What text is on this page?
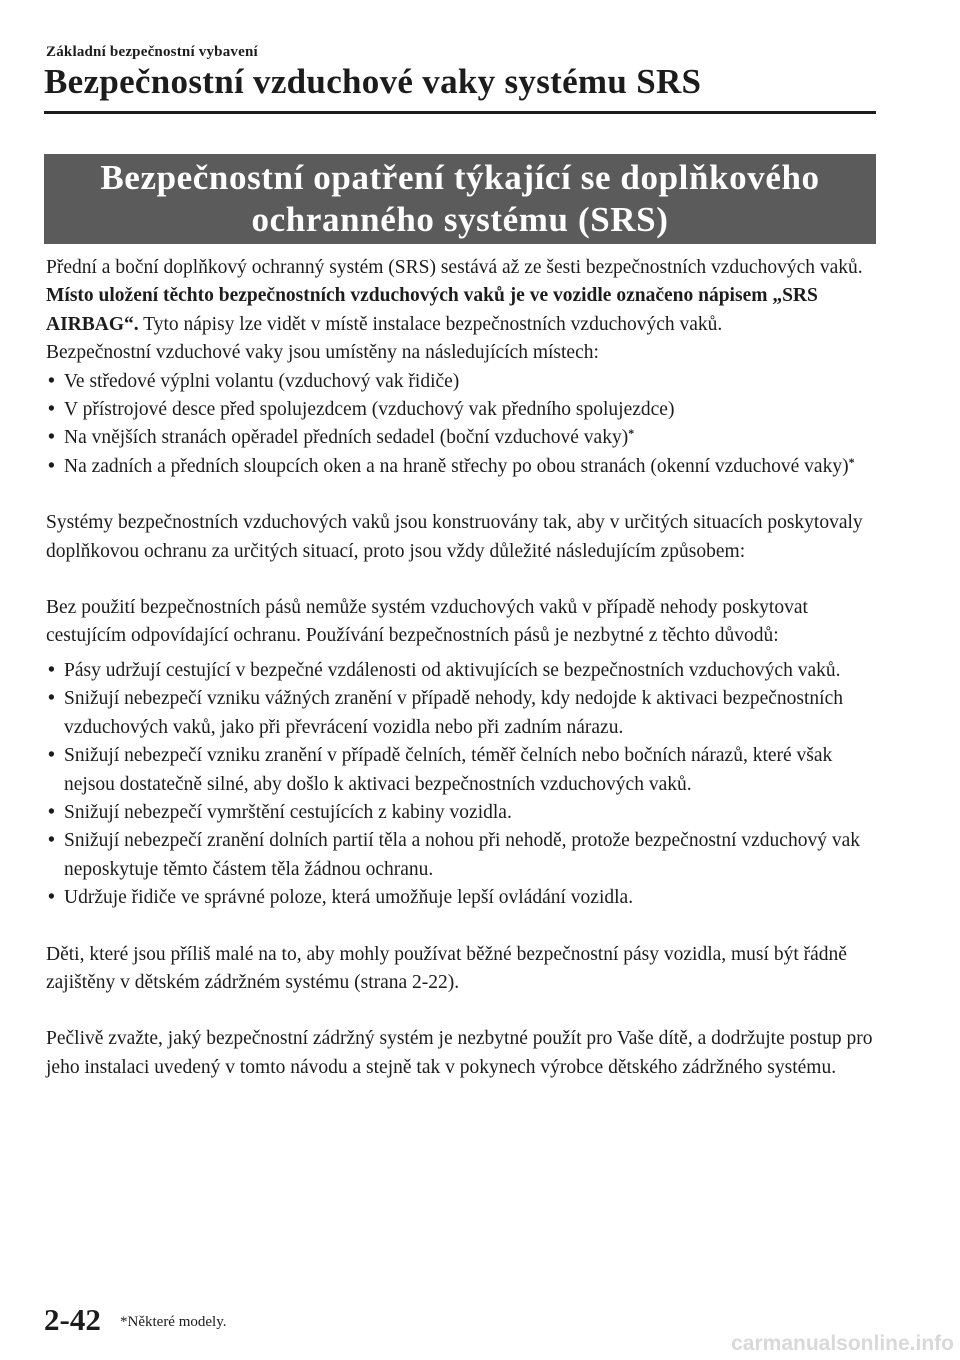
Základní bezpečnostní vybavení
Bezpečnostní vzduchové vaky systému SRS
Bezpečnostní opatření týkající se doplňkového ochranného systému (SRS)

Přední a boční doplňkový ochranný systém (SRS) sestává až ze šesti bezpečnostních vzduchových vaků. Místo uložení těchto bezpečnostních vzduchových vaků je ve vozidle označeno nápisem „SRS AIRBAG“. Tyto nápisy lze vidět v místě instalace bezpečnostních vzduchových vaků.

Bezpečnostní vzduchové vaky jsou umístěny na následujících místech:

• Ve středové výplni volantu (vzduchový vak řidiče)
• V přístrojové desce před spolujezdcem (vzduchový vak předního spolujezdce)
• Na vnějších stranách opěradel předních sedadel (boční vzduchové vaky)*
• Na zadních a předních sloupcích oken a na hraně střechy po obou stranách (okenní vzduchové vaky)*

Systémy bezpečnostních vzduchových vaků jsou konstruovány tak, aby v určitých situacích poskytovaly doplňkovou ochranu za určitých situací, proto jsou vždy důležité následujícím způsobem:

Bez použití bezpečnostních pásů nemůže systém vzduchových vaků v případě nehody poskytovat cestujícím odpovídající ochranu. Používání bezpečnostních pásů je nezbytné z těchto důvodů:

• Pásy udržují cestující v bezpečné vzdálenosti od aktivujících se bezpečnostních vzduchových vaků.
• Snižují nebezpečí vzniku vážných zranění v případě nehody, kdy nedojde k aktivaci bezpečnostních vzduchových vaků, jako při převrácení vozidla nebo při zadním nárazu.
• Snižují nebezpečí vzniku zranění v případě čelních, téměř čelních nebo bočních nárazů, které však nejsou dostatečně silné, aby došlo k aktivaci bezpečnostních vzduchových vaků.
• Snižují nebezpečí vymrštění cestujících z kabiny vozidla.
• Snižují nebezpečí zranění dolních partií těla a nohou při nehodě, protože bezpečnostní vzduchový vak neposkytuje těmto částem těla žádnou ochranu.
• Udržuje řidiče ve správné poloze, která umožňuje lepší ovládání vozidla.

Děti, které jsou příliš malé na to, aby mohly používat běžné bezpečnostní pásy vozidla, musí být řádně zajištěny v dětském zádržném systému (strana 2-22).

Pečlivě zvažte, jaký bezpečnostní zádržný systém je nezbytné použít pro Vaše dítě, a dodržujte postup pro jeho instalaci uvedený v tomto návodu a stejně tak v pokynech výrobce dětského zádržného systému.

2-42 *Některé modely.
carmanualsonline.info
